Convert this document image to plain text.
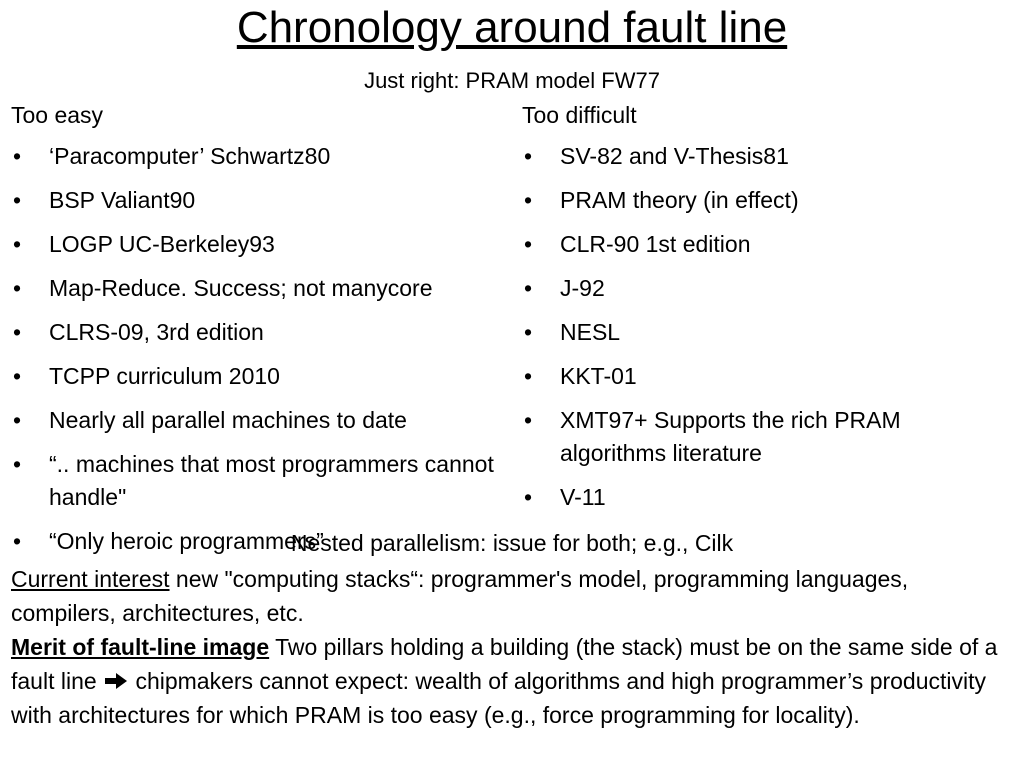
Chronology around fault line
Just right: PRAM model FW77
Too easy
• ‘Paracomputer’ Schwartz80
• BSP Valiant90
• LOGP UC-Berkeley93
• Map-Reduce. Success; not manycore
• CLRS-09, 3rd edition
• TCPP curriculum 2010
• Nearly all parallel machines to date
• “.. machines that most programmers cannot handle"
• “Only heroic programmers”
Too difficult
• SV-82 and V-Thesis81
• PRAM theory (in effect)
• CLR-90 1st edition
• J-92
• NESL
• KKT-01
• XMT97+ Supports the rich PRAM algorithms literature
• V-11
Nested parallelism: issue for both; e.g., Cilk
Current interest new "computing stacks“: programmer's model, programming languages, compilers, architectures, etc.
Merit of fault-line image Two pillars holding a building (the stack) must be on the same side of a fault line  chipmakers cannot expect: wealth of algorithms and high programmer’s productivity with architectures for which PRAM is too easy (e.g., force programming for locality).
